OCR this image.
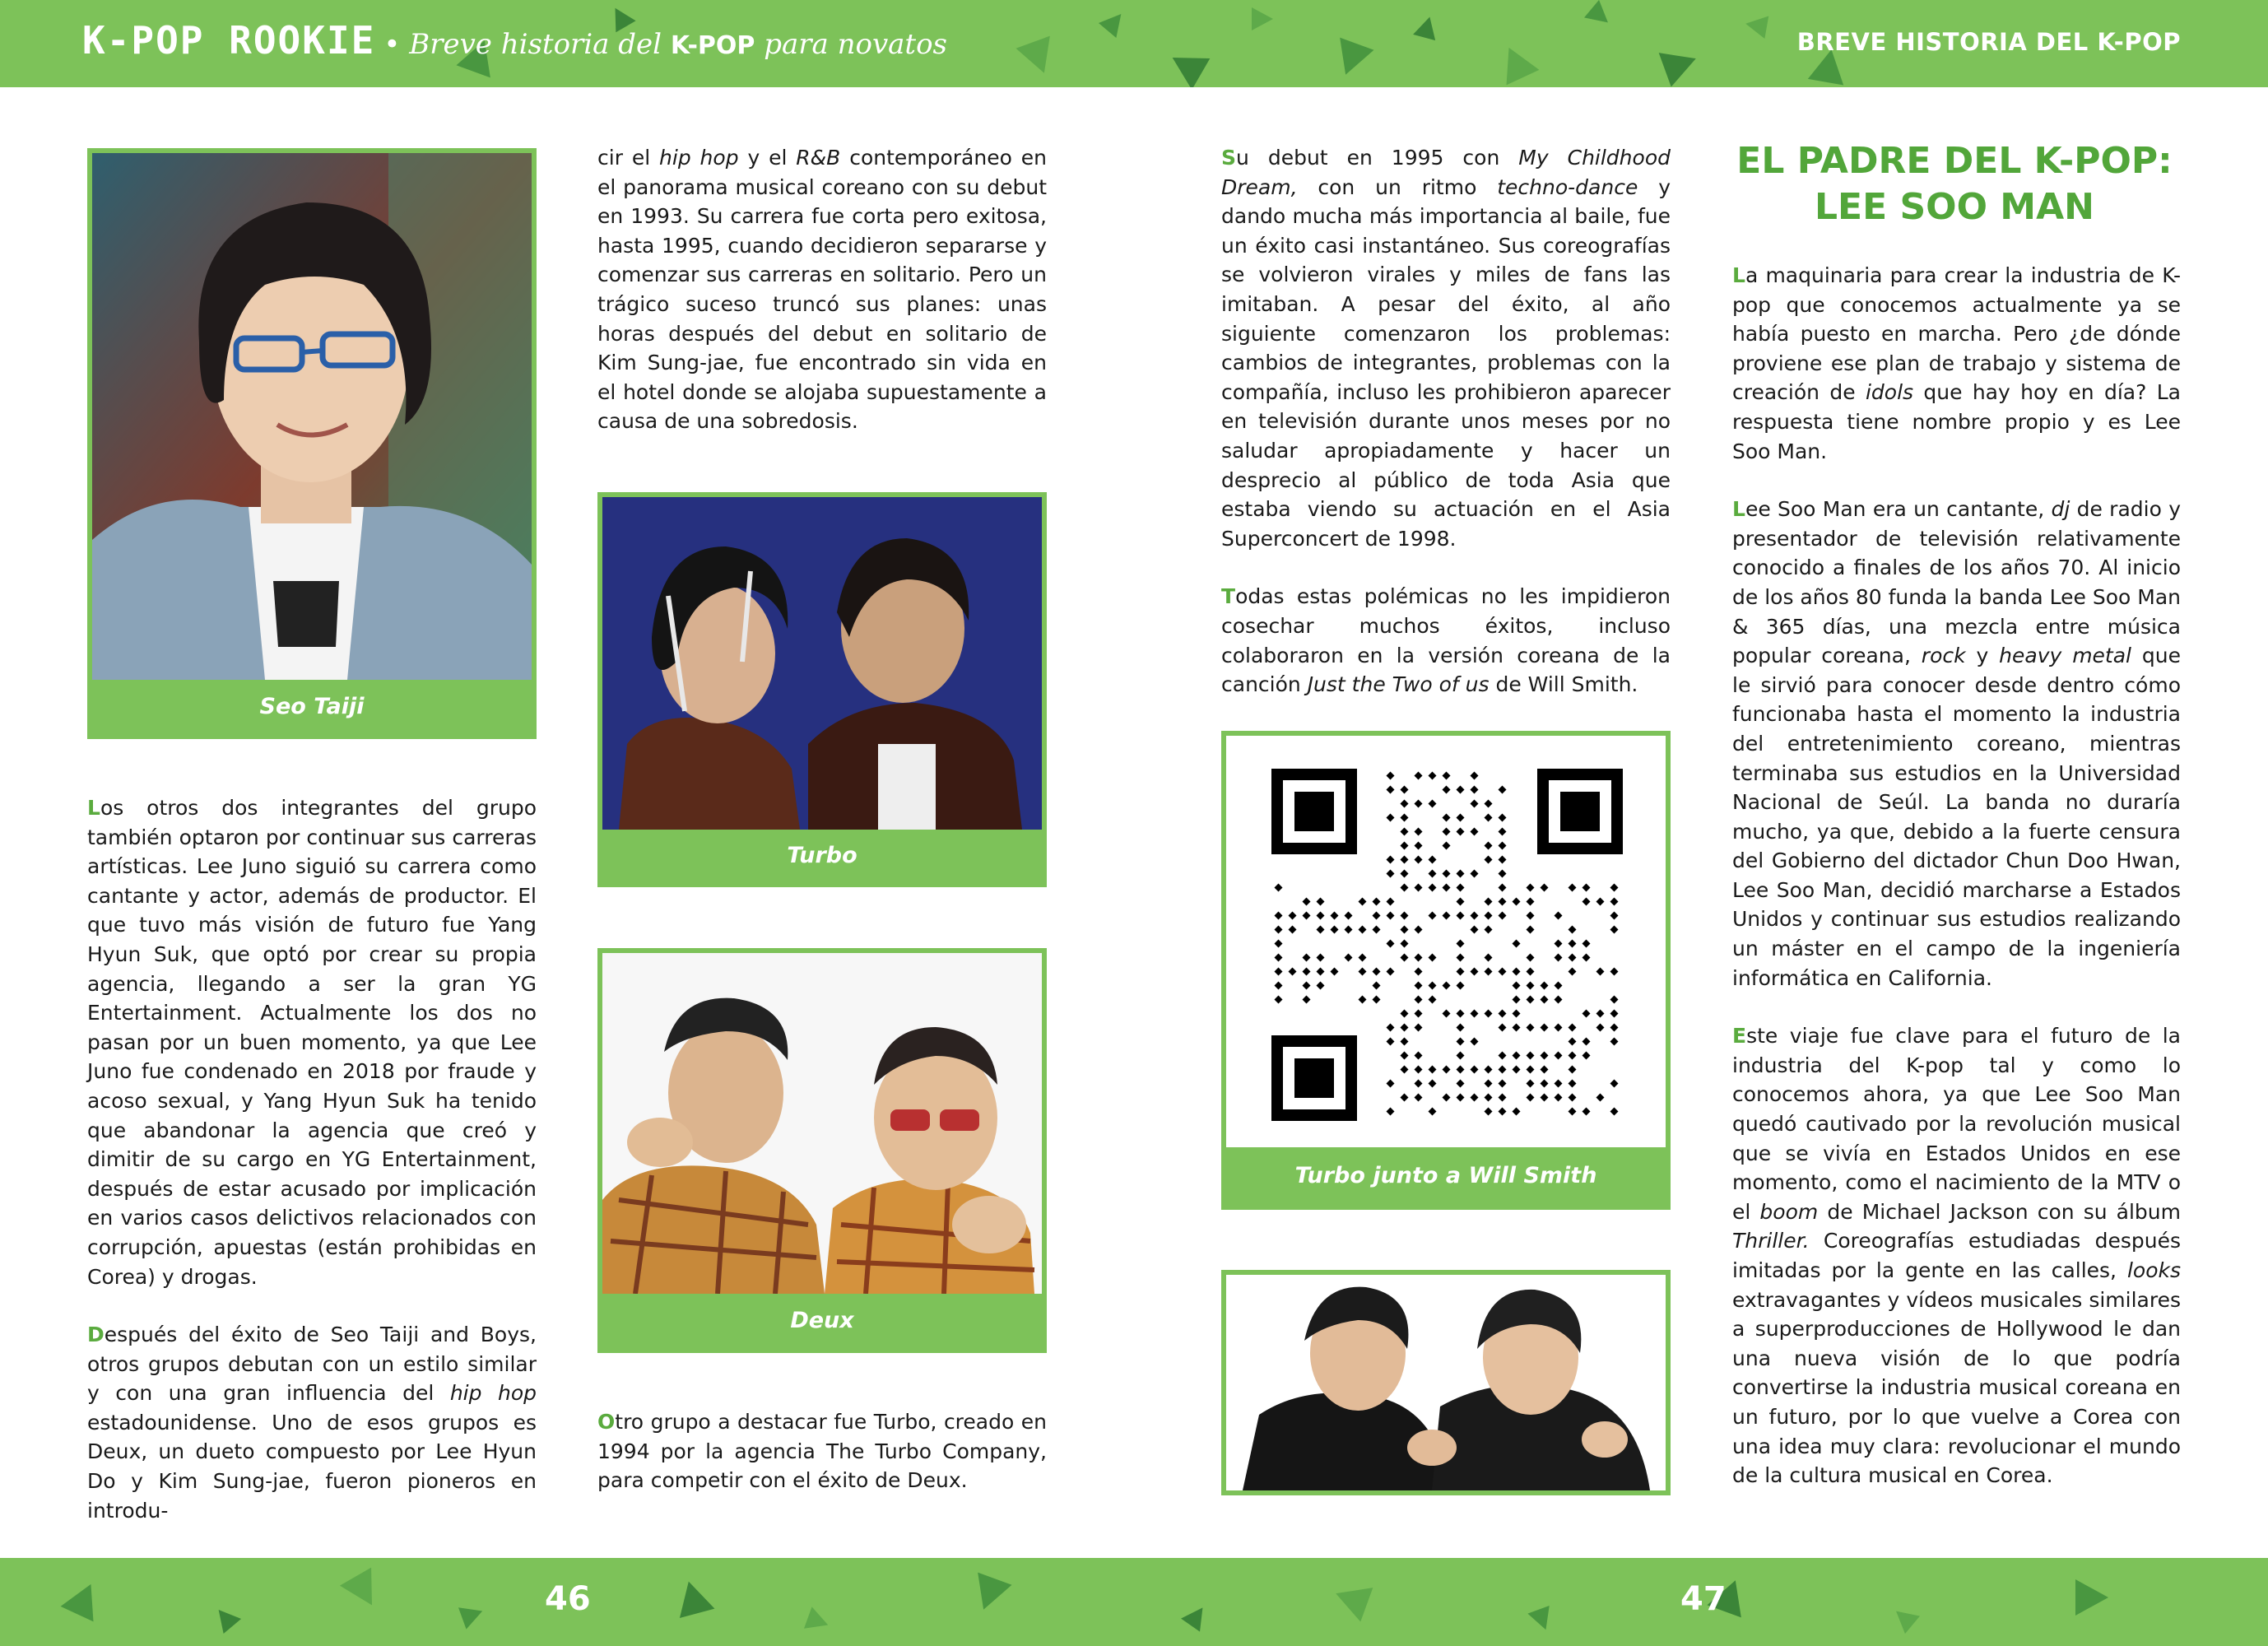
K-POP ROOKIE • Breve historia del K-POP para novatos	BREVE HISTORIA DEL K-POP
46	47
Seo Taiji

Los otros dos integrantes del grupo también optaron por continuar sus carreras artísticas. Lee Juno siguió su carrera como cantante y actor, además de productor. El que tuvo más visión de futuro fue Yang Hyun Suk, que optó por crear su propia agencia, llegando a ser la gran YG Entertainment. Actualmente los dos no pasan por un buen momento, ya que Lee Juno fue condenado en 2018 por fraude y acoso sexual, y Yang Hyun Suk ha tenido que abandonar la agencia que creó y dimitir de su cargo en YG Entertainment, después de estar acusado por implicación en varios casos delictivos relacionados con corrupción, apuestas (están prohibidas en Corea) y drogas.

Después del éxito de Seo Taiji and Boys, otros grupos debutan con un estilo similar y con una gran influencia del hip hop estadounidense. Uno de esos grupos es Deux, un dueto compuesto por Lee Hyun Do y Kim Sung-jae, fueron pioneros en introdu-

cir el hip hop y el R&B contemporáneo en el panorama musical coreano con su debut en 1993. Su carrera fue corta pero exitosa, hasta 1995, cuando decidieron separarse y comenzar sus carreras en solitario. Pero un trágico suceso truncó sus planes: unas horas después del debut en solitario de Kim Sung-jae, fue encontrado sin vida en el hotel donde se alojaba supuestamente a causa de una sobredosis.

Turbo
Deux

Otro grupo a destacar fue Turbo, creado en 1994 por la agencia The Turbo Company, para competir con el éxito de Deux.

Su debut en 1995 con My Childhood Dream, con un ritmo techno-dance y dando mucha más importancia al baile, fue un éxito casi instantáneo. Sus coreografías se volvieron virales y miles de fans las imitaban. A pesar del éxito, al año siguiente comenzaron los problemas: cambios de integrantes, problemas con la compañía, incluso les prohibieron aparecer en televisión durante unos meses por no saludar apropiadamente y hacer un desprecio al público de toda Asia que estaba viendo su actuación en el Asia Superconcert de 1998.

Todas estas polémicas no les impidieron cosechar muchos éxitos, incluso colaboraron en la versión coreana de la canción Just the Two of us de Will Smith.

Turbo junto a Will Smith
EL PADRE DEL K-POP:
LEE SOO MAN

La maquinaria para crear la industria de K-pop que conocemos actualmente ya se había puesto en marcha. Pero ¿de dónde proviene ese plan de trabajo y sistema de creación de idols que hay hoy en día? La respuesta tiene nombre propio y es Lee Soo Man.

Lee Soo Man era un cantante, dj de radio y presentador de televisión relativamente conocido a finales de los años 70. Al inicio de los años 80 funda la banda Lee Soo Man & 365 días, una mezcla entre música popular coreana, rock y heavy metal que le sirvió para conocer desde dentro cómo funcionaba hasta el momento la industria del entretenimiento coreano, mientras terminaba sus estudios en la Universidad Nacional de Seúl. La banda no duraría mucho, ya que, debido a la fuerte censura del Gobierno del dictador Chun Doo Hwan, Lee Soo Man, decidió marcharse a Estados Unidos y continuar sus estudios realizando un máster en el campo de la ingeniería informática en California.

Este viaje fue clave para el futuro de la industria del K-pop tal y como lo conocemos ahora, ya que Lee Soo Man quedó cautivado por la revolución musical que se vivía en Estados Unidos en ese momento, como el nacimiento de la MTV o el boom de Michael Jackson con su álbum Thriller. Coreografías estudiadas después imitadas por la gente en las calles, looks extravagantes y vídeos musicales similares a superproducciones de Hollywood le dan una nueva visión de lo que podría convertirse la industria musical coreana en un futuro, por lo que vuelve a Corea con una idea muy clara: revolucionar el mundo de la cultura musical en Corea.
